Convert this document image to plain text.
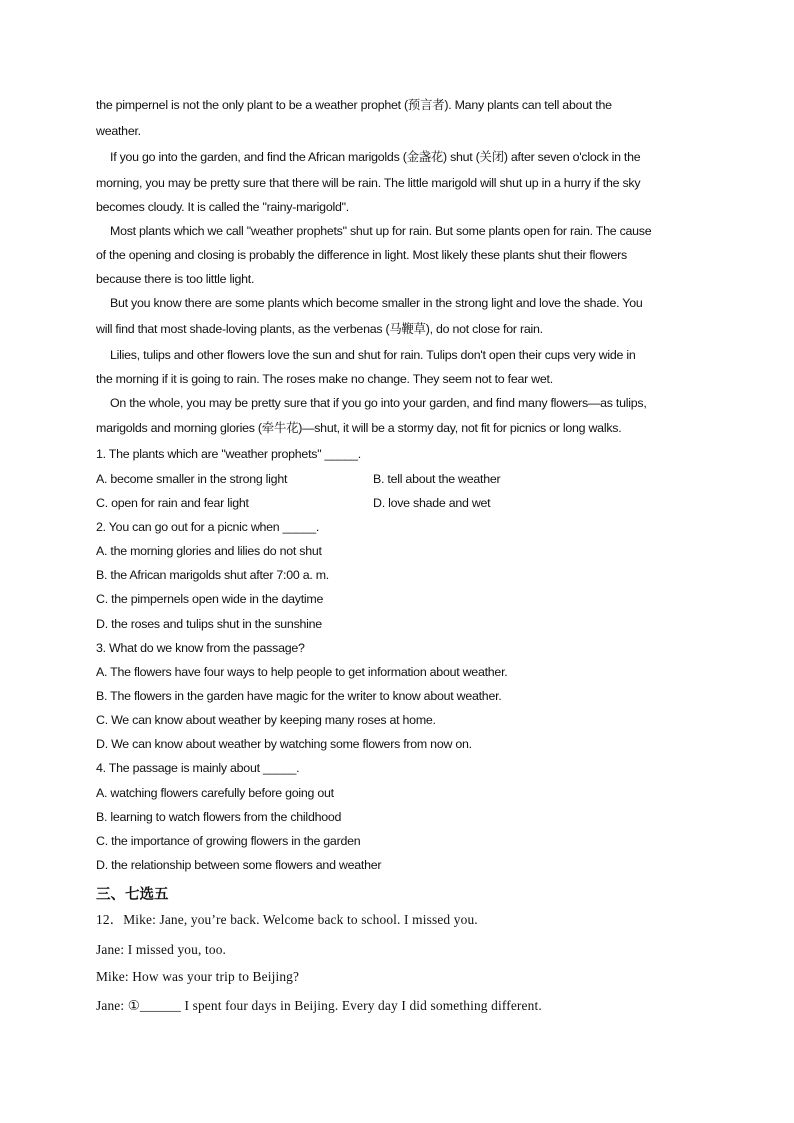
the pimpernel is not the only plant to be a weather prophet (预言者). Many plants can tell about the
weather.
If you go into the garden, and find the African marigolds (金盏花) shut (关闭) after seven o'clock in the
morning, you may be pretty sure that there will be rain. The little marigold will shut up in a hurry if the sky
becomes cloudy. It is called the "rainy-marigold".
Most plants which we call "weather prophets" shut up for rain. But some plants open for rain. The cause
of the opening and closing is probably the difference in light. Most likely these plants shut their flowers
because there is too little light.
But you know there are some plants which become smaller in the strong light and love the shade. You
will find that most shade-loving plants, as the verbenas (马鞭草), do not close for rain.
Lilies, tulips and other flowers love the sun and shut for rain. Tulips don't open their cups very wide in
the morning if it is going to rain. The roses make no change. They seem not to fear wet.
On the whole, you may be pretty sure that if you go into your garden, and find many flowers—as tulips,
marigolds and morning glories (牵牛花)—shut, it will be a stormy day, not fit for picnics or long walks.
1. The plants which are "weather prophets" _____.
A. become smaller in the strong light	B. tell about the weather
C. open for rain and fear light	D. love shade and wet
2. You can go out for a picnic when _____.
A. the morning glories and lilies do not shut
B. the African marigolds shut after 7:00 a. m.
C. the pimpernels open wide in the daytime
D. the roses and tulips shut in the sunshine
3. What do we know from the passage?
A. The flowers have four ways to help people to get information about weather.
B. The flowers in the garden have magic for the writer to know about weather.
C. We can know about weather by keeping many roses at home.
D. We can know about weather by watching some flowers from now on.
4. The passage is mainly about _____.
A. watching flowers carefully before going out
B. learning to watch flowers from the childhood
C. the importance of growing flowers in the garden
D. the relationship between some flowers and weather
三、七选五
12．Mike: Jane, you’re back. Welcome back to school. I missed you.
Jane: I missed you, too.
Mike: How was your trip to Beijing?
Jane: ①______ I spent four days in Beijing. Every day I did something different.
